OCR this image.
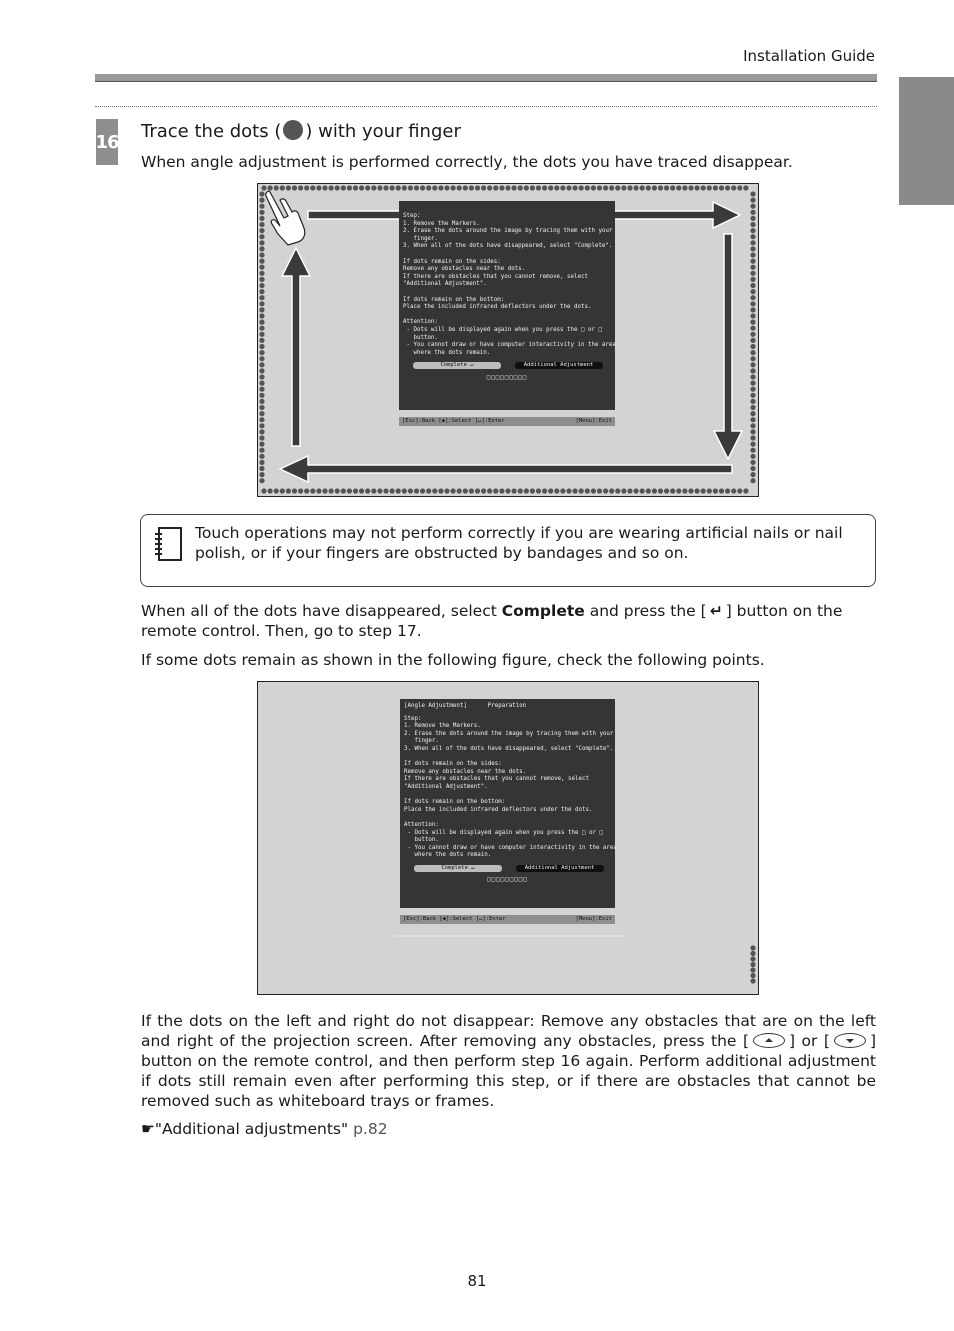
Installation Guide
16 Trace the dots ( ) with your finger
When angle adjustment is performed correctly, the dots you have traced disappear.
Step:
1. Remove the Markers.
2. Erase the dots around the image by tracing them with your
finger.
3. When all of the dots have disappeared, select "Complete".

If dots remain on the sides:
Remove any obstacles near the dots.
If there are obstacles that you cannot remove, select
"Additional Adjustment".

If dots remain on the bottom:
Place the included infrared deflectors under the dots.

Attention:
- Dots will be displayed again when you press the □ or □
button.
- You cannot draw or have computer interactivity in the area
where the dots remain.
Complete ↵	Additional Adjustment
□□□□□□□□□
[Esc]:Back [◆]:Select [↵]:Enter	[Menu]:Exit
Touch operations may not perform correctly if you are wearing artificial nails or nail polish, or if your fingers are obstructed by bandages and so on.
When all of the dots have disappeared, select Complete and press the [ ↵ ] button on the remote control. Then, go to step 17.
If some dots remain as shown in the following figure, check the following points.
[Angle Adjustment]	Preparation
Step:
1. Remove the Markers.
2. Erase the dots around the image by tracing them with your
finger.
3. When all of the dots have disappeared, select "Complete".

If dots remain on the sides:
Remove any obstacles near the dots.
If there are obstacles that you cannot remove, select
"Additional Adjustment".

If dots remain on the bottom:
Place the included infrared deflectors under the dots.

Attention:
- Dots will be displayed again when you press the □ or □
button.
- You cannot draw or have computer interactivity in the area
where the dots remain.
Complete ↵	Additional Adjustment
□□□□□□□□□
[Esc]:Back [◆]:Select [↵]:Enter	[Menu]:Exit
If the dots on the left and right do not disappear: Remove any obstacles that are on the left and right of the projection screen. After removing any obstacles, press the [	] or [	] button on the remote control, and then perform step 16 again. Perform additional adjustment if dots still remain even after performing this step, or if there are obstacles that cannot be removed such as whiteboard trays or frames.
☛"Additional adjustments" p.82
81
